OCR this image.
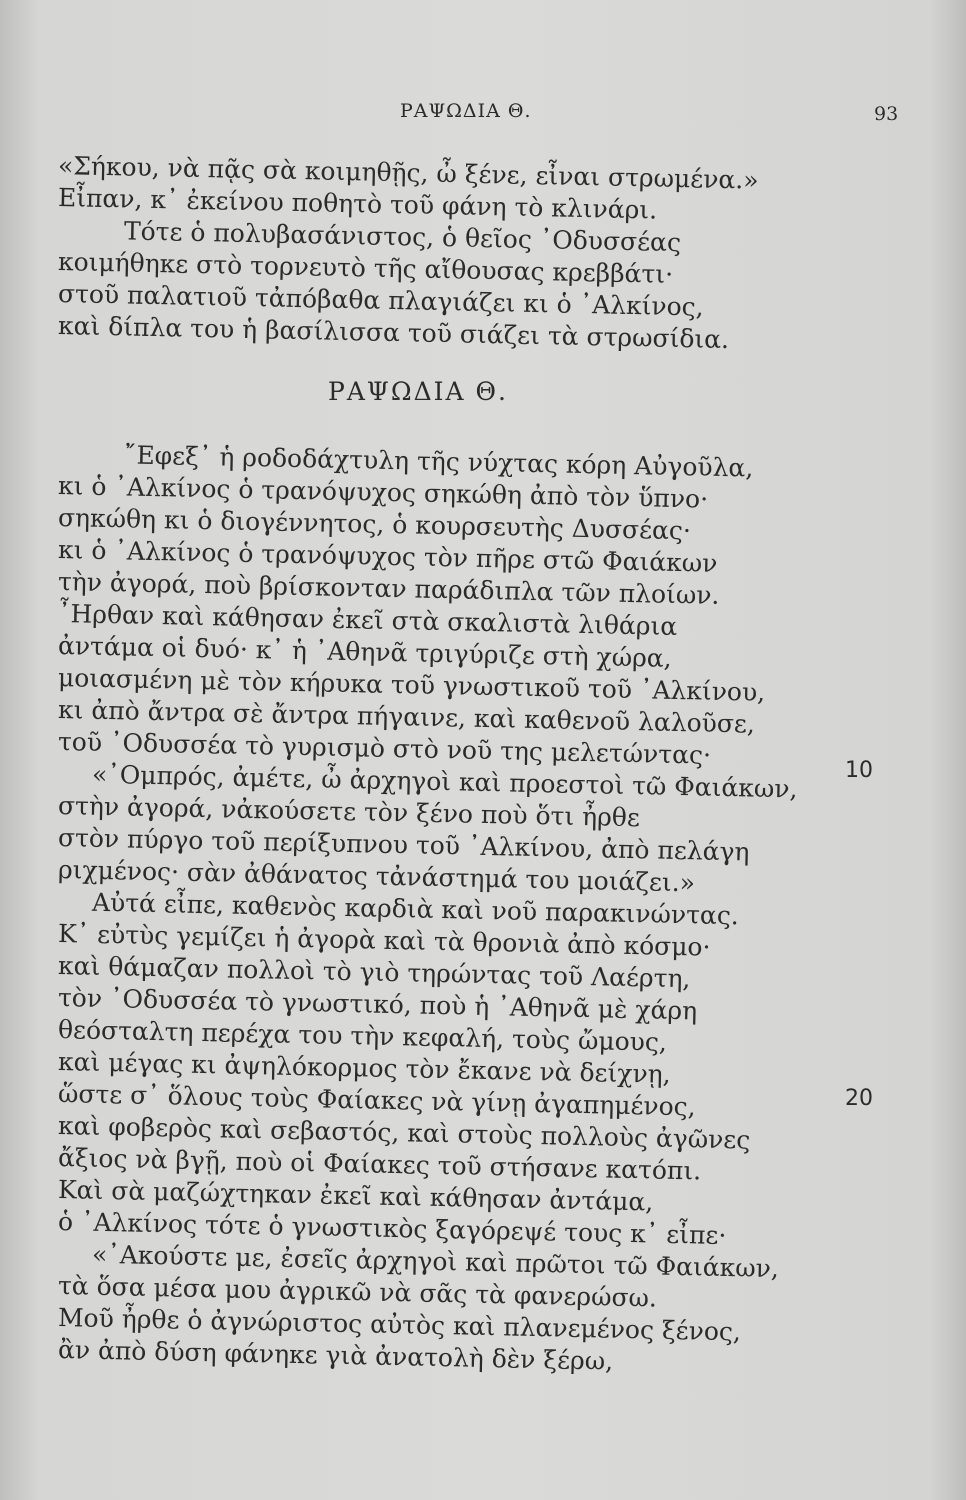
ΡΑΨΩΔΙΑ Θ.	93
«Σήκου, νὰ πᾷς σὰ κοιμηθῇς, ὦ ξένε, εἶναι στρωμένα.»
Εἶπαν, κ᾿ ἐκείνου ποθητὸ τοῦ φάνη τὸ κλινάρι.
Τότε ὁ πολυβασάνιστος, ὁ θεῖος ᾿Οδυσσέας
κοιμήθηκε στὸ τορνευτὸ τῆς αἴθουσας κρεββάτι·
στοῦ παλατιοῦ τἀπόβαθα πλαγιάζει κι ὁ ᾿Αλκίνος,
καὶ δίπλα του ἡ βασίλισσα τοῦ σιάζει τὰ στρωσίδια.
ΡΑΨΩΔΙΑ Θ.
῎Εφεξ᾿ ἡ ροδοδάχτυλη τῆς νύχτας κόρη Αὐγοῦλα,
κι ὁ ᾿Αλκίνος ὁ τρανόψυχος σηκώθη ἀπὸ τὸν ὕπνο·
σηκώθη κι ὁ διογέννητος, ὁ κουρσευτὴς Δυσσέας·
κι ὁ ᾿Αλκίνος ὁ τρανόψυχος τὸν πῆρε στῶ Φαιάκων
τὴν ἀγορά, ποὺ βρίσκονταν παράδιπλα τῶν πλοίων.
῏Ηρθαν καὶ κάθησαν ἐκεῖ στὰ σκαλιστὰ λιθάρια
ἀντάμα οἱ δυό· κ᾿ ἡ ᾿Αθηνᾶ τριγύριζε στὴ χώρα,
μοιασμένη μὲ τὸν κήρυκα τοῦ γνωστικοῦ τοῦ ᾿Αλκίνου,
κι ἀπὸ ἄντρα σὲ ἄντρα πήγαινε, καὶ καθενοῦ λαλοῦσε,
τοῦ ᾿Οδυσσέα τὸ γυρισμὸ στὸ νοῦ της μελετώντας·
«᾿Ομπρός, ἀμέτε, ὦ ἀρχηγοὶ καὶ προεστοὶ τῶ Φαιάκων,
στὴν ἀγορά, νἀκούσετε τὸν ξένο ποὺ ὅτι ἦρθε
στὸν πύργο τοῦ περίξυπνου τοῦ ᾿Αλκίνου, ἀπὸ πελάγη
ριχμένος· σὰν ἀθάνατος τἀνάστημά του μοιάζει.»
Αὐτά εἶπε, καθενὸς καρδιὰ καὶ νοῦ παρακινώντας.
Κ᾿ εὐτὺς γεμίζει ἡ ἀγορὰ καὶ τὰ θρονιὰ ἀπὸ κόσμο·
καὶ θάμαζαν πολλοὶ τὸ γιὸ τηρώντας τοῦ Λαέρτη,
τὸν ᾿Οδυσσέα τὸ γνωστικό, ποὺ ἡ ᾿Αθηνᾶ μὲ χάρη
θεόσταλτη περέχα του τὴν κεφαλή, τοὺς ὤμους,
καὶ μέγας κι ἀψηλόκορμος τὸν ἔκανε νὰ δείχνῃ,
ὥστε σ᾿ ὅλους τοὺς Φαίακες νὰ γίνῃ ἀγαπημένος,
καὶ φοβερὸς καὶ σεβαστός, καὶ στοὺς πολλοὺς ἀγῶνες
ἄξιος νὰ βγῇ, ποὺ οἱ Φαίακες τοῦ στήσανε κατόπι.
Καὶ σὰ μαζώχτηκαν ἐκεῖ καὶ κάθησαν ἀντάμα,
ὁ ᾿Αλκίνος τότε ὁ γνωστικὸς ξαγόρεψέ τους κ᾿ εἶπε·
«᾿Ακούστε με, ἐσεῖς ἀρχηγοὶ καὶ πρῶτοι τῶ Φαιάκων,
τὰ ὅσα μέσα μου ἀγρικῶ νὰ σᾶς τὰ φανερώσω.
Μοῦ ἦρθε ὁ ἀγνώριστος αὐτὸς καὶ πλανεμένος ξένος,
ἂν ἀπὸ δύση φάνηκε γιὰ ἀνατολὴ δὲν ξέρω,
10
20
